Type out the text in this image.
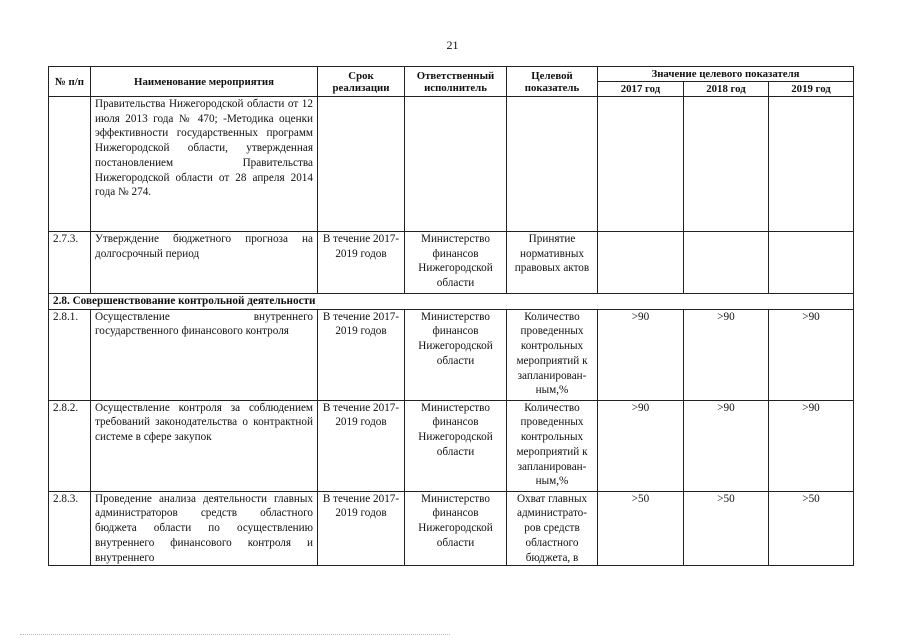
21
№ п/п	Наименование мероприятия	Срок реализации	Ответственный исполнитель	Целевой показатель	Значение целевого показателя		
					2017 год	2018 год	2019 год
	Правительства Нижегородской области от 12 июля 2013 года № 470; -Методика оценки эффективности государственных программ Нижегородской области, утвержденная постановлением Правительства Нижегородской области от 28 апреля 2014 года № 274.						
2.7.3.	Утверждение бюджетного прогноза на долгосрочный период	В течение 2017-2019 годов	Министерство финансов Нижегородской области	Принятие нормативных правовых актов			
2.8. Совершенствование контрольной деятельности							
2.8.1.	Осуществление внутреннего государственного финансового контроля	В течение 2017-2019 годов	Министерство финансов Нижегородской области	Количество проведенных контрольных мероприятий к запланирован-ным,%	>90	>90	>90
2.8.2.	Осуществление контроля за соблюдением требований законодательства о контрактной системе в сфере закупок	В течение 2017-2019 годов	Министерство финансов Нижегородской области	Количество проведенных контрольных мероприятий к запланирован-ным,%	>90	>90	>90
2.8.3.	Проведение анализа деятельности главных администраторов средств областного бюджета области по осуществлению внутреннего финансового контроля и внутреннего	В течение 2017-2019 годов	Министерство финансов Нижегородской области	Охват главных администрато-ров средств областного бюджета, в	>50	>50	>50
